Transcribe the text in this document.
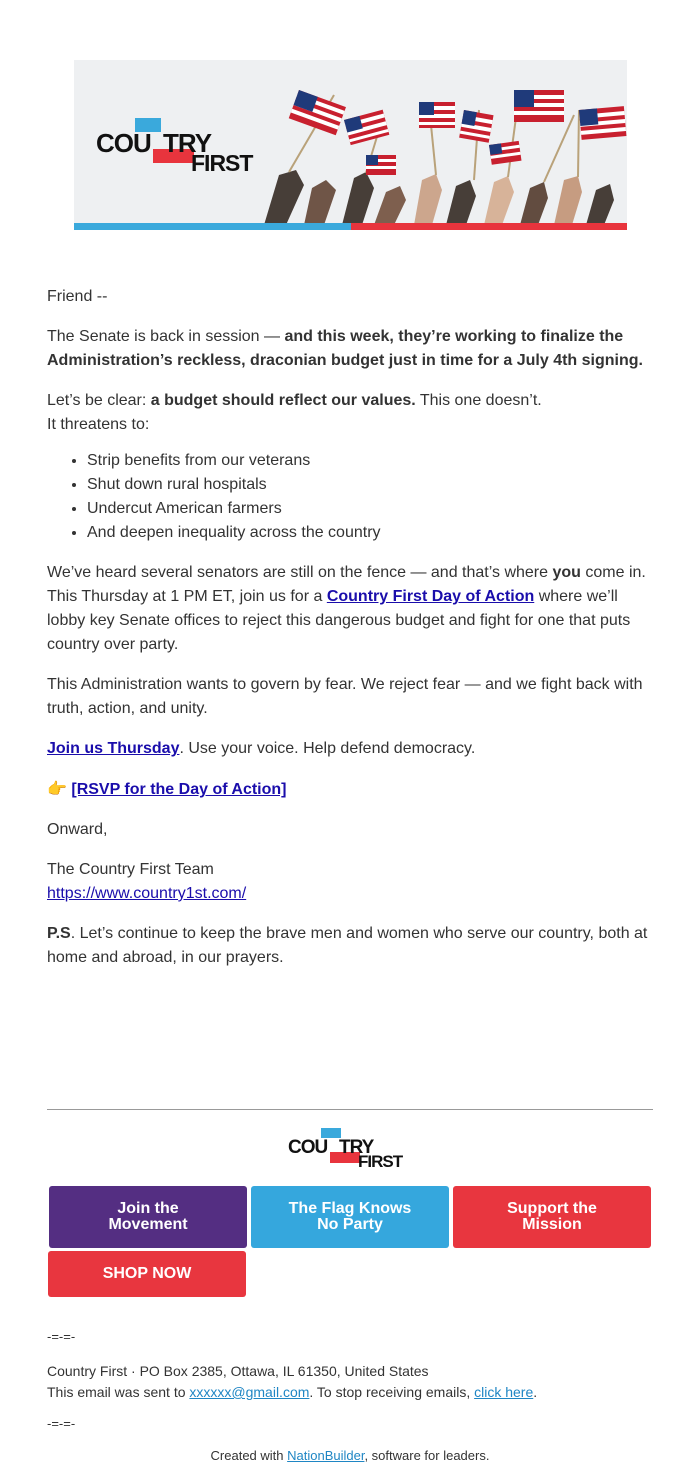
COU TRY
FIRST

Friend --

The Senate is back in session — and this week, they’re working to finalize the Administration’s reckless, draconian budget just in time for a July 4th signing.

Let’s be clear: a budget should reflect our values. This one doesn’t.
It threatens to:

• Strip benefits from our veterans
• Shut down rural hospitals
• Undercut American farmers
• And deepen inequality across the country

We’ve heard several senators are still on the fence — and that’s where you come in. This Thursday at 1 PM ET, join us for a Country First Day of Action where we’ll lobby key Senate offices to reject this dangerous budget and fight for one that puts country over party.

This Administration wants to govern by fear. We reject fear — and we fight back with truth, action, and unity.

Join us Thursday. Use your voice. Help defend democracy.

👉 [RSVP for the Day of Action]

Onward,

The Country First Team
https://www.country1st.com/

P.S. Let’s continue to keep the brave men and women who serve our country, both at home and abroad, in our prayers.

COU TRY
FIRST
Join the
Movement
The Flag Knows
No Party
Support the
Mission
SHOP NOW
-=-=-
Country First · PO Box 2385, Ottawa, IL 61350, United States
This email was sent to xxxxxx@gmail.com. To stop receiving emails, click here.
-=-=-
Created with NationBuilder, software for leaders.
